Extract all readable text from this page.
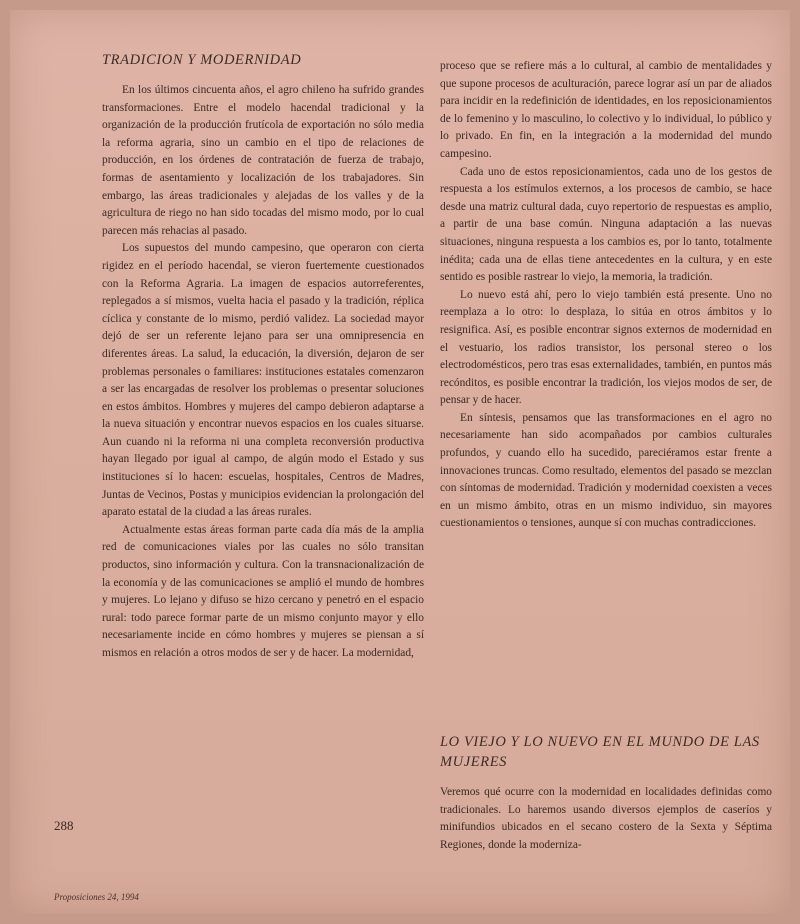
TRADICION Y MODERNIDAD

En los últimos cincuenta años, el agro chileno ha sufrido grandes transformaciones. Entre el modelo hacendal tradicional y la organización de la producción frutícola de exportación no sólo media la reforma agraria, sino un cambio en el tipo de relaciones de producción, en los órdenes de contratación de fuerza de trabajo, formas de asentamiento y localización de los trabajadores. Sin embargo, las áreas tradicionales y alejadas de los valles y de la agricultura de riego no han sido tocadas del mismo modo, por lo cual parecen más rehacias al pasado.

Los supuestos del mundo campesino, que operaron con cierta rigidez en el período hacendal, se vieron fuertemente cuestionados con la Reforma Agraria. La imagen de espacios autorreferentes, replegados a sí mismos, vuelta hacia el pasado y la tradición, réplica cíclica y constante de lo mismo, perdió validez. La sociedad mayor dejó de ser un referente lejano para ser una omnipresencia en diferentes áreas. La salud, la educación, la diversión, dejaron de ser problemas personales o familiares: instituciones estatales comenzaron a ser las encargadas de resolver los problemas o presentar soluciones en estos ámbitos. Hombres y mujeres del campo debieron adaptarse a la nueva situación y encontrar nuevos espacios en los cuales situarse. Aun cuando ni la reforma ni una completa reconversión productiva hayan llegado por igual al campo, de algún modo el Estado y sus instituciones sí lo hacen: escuelas, hospitales, Centros de Madres, Juntas de Vecinos, Postas y municipios evidencian la prolongación del aparato estatal de la ciudad a las áreas rurales.

Actualmente estas áreas forman parte cada día más de la amplia red de comunicaciones viales por las cuales no sólo transitan productos, sino información y cultura. Con la transnacionalización de la economía y de las comunicaciones se amplió el mundo de hombres y mujeres. Lo lejano y difuso se hizo cercano y penetró en el espacio rural: todo parece formar parte de un mismo conjunto mayor y ello necesariamente incide en cómo hombres y mujeres se piensan a sí mismos en relación a otros modos de ser y de hacer. La modernidad,

proceso que se refiere más a lo cultural, al cambio de mentalidades y que supone procesos de aculturación, parece lograr así un par de aliados para incidir en la redefinición de identidades, en los reposicionamientos de lo femenino y lo masculino, lo colectivo y lo individual, lo público y lo privado. En fin, en la integración a la modernidad del mundo campesino.

Cada uno de estos reposicionamientos, cada uno de los gestos de respuesta a los estímulos externos, a los procesos de cambio, se hace desde una matriz cultural dada, cuyo repertorio de respuestas es amplio, a partir de una base común. Ninguna adaptación a las nuevas situaciones, ninguna respuesta a los cambios es, por lo tanto, totalmente inédita; cada una de ellas tiene antecedentes en la cultura, y en este sentido es posible rastrear lo viejo, la memoria, la tradición.

Lo nuevo está ahí, pero lo viejo también está presente. Uno no reemplaza a lo otro: lo desplaza, lo sitúa en otros ámbitos y lo resignifica. Así, es posible encontrar signos externos de modernidad en el vestuario, los radios transistor, los personal stereo o los electrodomésticos, pero tras esas externalidades, también, en puntos más recónditos, es posible encontrar la tradición, los viejos modos de ser, de pensar y de hacer.

En síntesis, pensamos que las transformaciones en el agro no necesariamente han sido acompañados por cambios culturales profundos, y cuando ello ha sucedido, pareciéramos estar frente a innovaciones truncas. Como resultado, elementos del pasado se mezclan con síntomas de modernidad. Tradición y modernidad coexisten a veces en un mismo ámbito, otras en un mismo individuo, sin mayores cuestionamientos o tensiones, aunque sí con muchas contradicciones.

LO VIEJO Y LO NUEVO EN EL MUNDO DE LAS MUJERES

Veremos qué ocurre con la modernidad en localidades definidas como tradicionales. Lo haremos usando diversos ejemplos de caseríos y minifundios ubicados en el secano costero de la Sexta y Séptima Regiones, donde la moderniza-

288
Proposiciones 24, 1994
